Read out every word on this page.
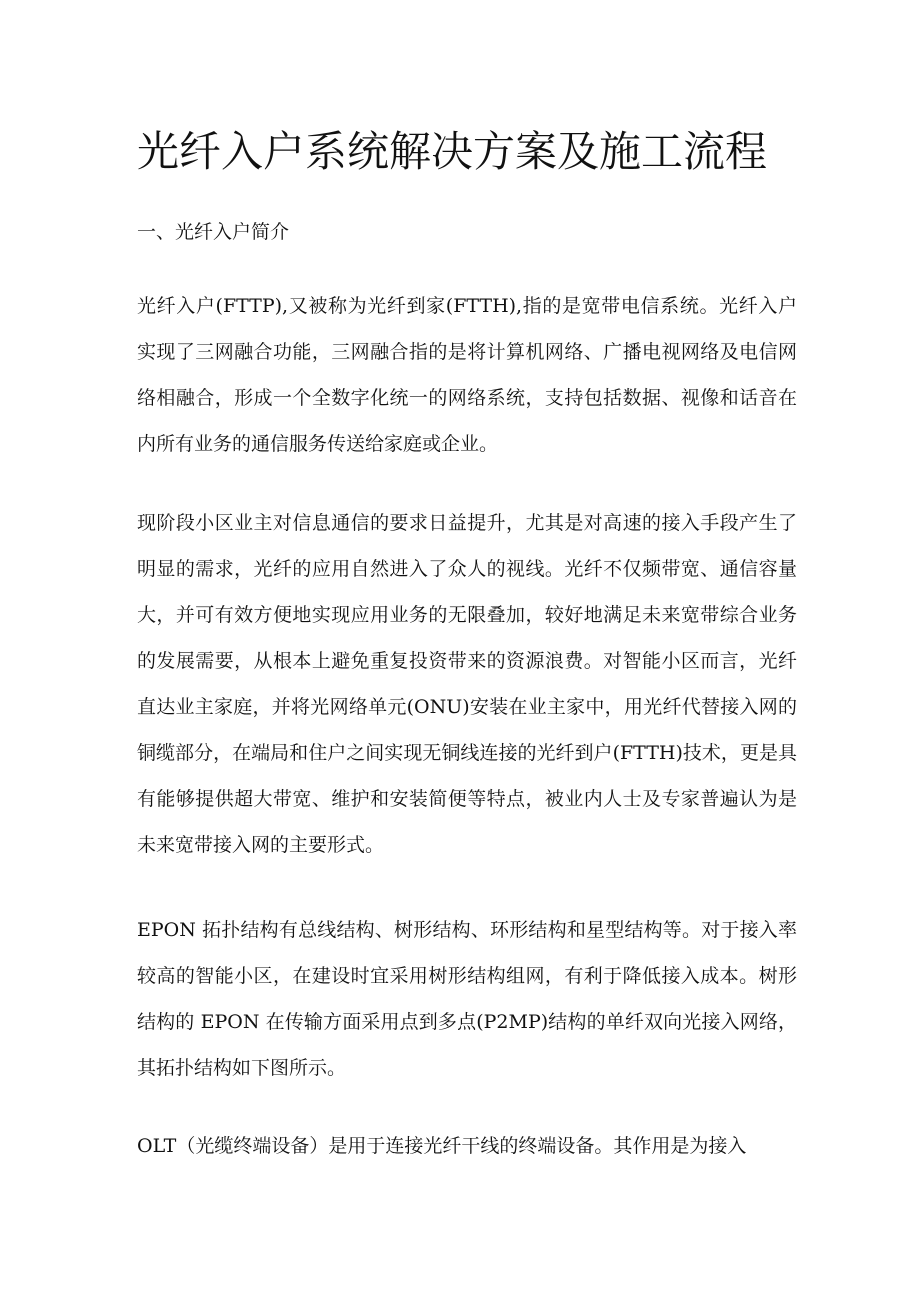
光纤入户系统解决方案及施工流程
一、光纤入户简介

光纤入户(FTTP),又被称为光纤到家(FTTH),指的是宽带电信系统。光纤入户实现了三网融合功能，三网融合指的是将计算机网络、广播电视网络及电信网络相融合，形成一个全数字化统一的网络系统，支持包括数据、视像和话音在内所有业务的通信服务传送给家庭或企业。

现阶段小区业主对信息通信的要求日益提升，尤其是对高速的接入手段产生了明显的需求，光纤的应用自然进入了众人的视线。光纤不仅频带宽、通信容量大，并可有效方便地实现应用业务的无限叠加，较好地满足未来宽带综合业务的发展需要，从根本上避免重复投资带来的资源浪费。对智能小区而言，光纤直达业主家庭，并将光网络单元(ONU)安装在业主家中，用光纤代替接入网的铜缆部分，在端局和住户之间实现无铜线连接的光纤到户(FTTH)技术，更是具有能够提供超大带宽、维护和安装简便等特点，被业内人士及专家普遍认为是未来宽带接入网的主要形式。

EPON 拓扑结构有总线结构、树形结构、环形结构和星型结构等。对于接入率较高的智能小区，在建设时宜采用树形结构组网，有利于降低接入成本。树形结构的 EPON 在传输方面采用点到多点(P2MP)结构的单纤双向光接入网络，其拓扑结构如下图所示。

OLT（光缆终端设备）是用于连接光纤干线的终端设备。其作用是为接入
